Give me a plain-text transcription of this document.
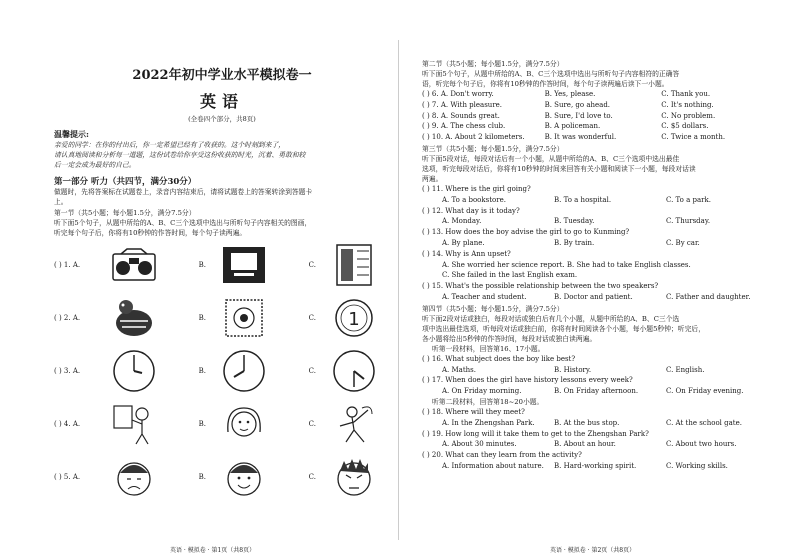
2022年初中学业水平模拟卷一
英语
(全卷四个部分，共8页)
温馨提示:
亲爱的同学：在你的付出后，你一定希望已经有了收获的。这个时刻到来了，
请认真地阅读和分析每一道题，这份试卷给你享受这份收获的时光，沉着、勇敢和较
后一定会成为最好的自己。
第一部分 听力（共四节，满分30分）
做题时，先将答案标在试题卷上，录音内容结束后，请将试题卷上的答案转涂到答题卡
上。
第一节（共5小题；每小题1.5分，满分7.5分）
听下面5个句子，从题中所给的A、B、C三个选项中选出与所听句子内容相关的图画，
听完每个句子后，你将有10秒钟的作答时间，每个句子读两遍。
( ) 1. A.	B.	C.
( ) 2. A.	B.	C. 1
( ) 3. A.	B.	C.
( ) 4. A.	B.	C.
( ) 5. A.	B.	C.
英语 · 模拟卷 · 第1页（共8页）
第二节（共5小题；每小题1.5分，满分7.5分）
听下面5个句子，从题中所给的A、B、C三个选项中选出与所听句子内容相符的正确答
语，听完每个句子后，你将有10秒钟的作答时间，每个句子读两遍后读下一小题。
( ) 6. A. Don't worry.	B. Yes, please.	C. Thank you.
( ) 7. A. With pleasure.	B. Sure, go ahead.	C. It's nothing.
( ) 8. A. Sounds great.	B. Sure, I'd love to.	C. No problem.
( ) 9. A. The chess club.	B. A policeman.	C. $5 dollars.
( ) 10. A. About 2 kilometers.	B. It was wonderful.	C. Twice a month.
第三节（共5小题；每小题1.5分，满分7.5分）
听下面5段对话，每段对话后有一个小题，从题中所给的A、B、C三个选项中选出最佳
选项，听完每段对话后，你将有10秒钟的时间来回答有关小题和阅读下一小题，每段对话读
两遍。
( ) 11. Where is the girl going?
A. To a bookstore.	B. To a hospital.	C. To a park.
( ) 12. What day is it today?
A. Monday.	B. Tuesday.	C. Thursday.
( ) 13. How does the boy advise the girl to go to Kunming?
A. By plane.	B. By train.	C. By car.
( ) 14. Why is Ann upset?
A. She worried her science report. B. She had to take English classes.
C. She failed in the last English exam.
( ) 15. What's the possible relationship between the two speakers?
A. Teacher and student.	B. Doctor and patient.	C. Father and daughter.
第四节（共5小题；每小题1.5分，满分7.5分）
听下面2段对话或独白，每段对话或独白后有几个小题，从题中所给的A、B、C三个选
项中选出最佳选项，听每段对话或独白前，你将有时间阅读各个小题，每小题5秒钟；听完后，
各小题将给出5秒钟的作答时间，每段对话或独白读两遍。
听第一段材料，回答第16、17小题。
( ) 16. What subject does the boy like best?
A. Maths.	B. History.	C. English.
( ) 17. When does the girl have history lessons every week?
A. On Friday morning.	B. On Friday afternoon.	C. On Friday evening.
听第二段材料，回答第18~20小题。
( ) 18. Where will they meet?
A. In the Zhengshan Park.	B. At the bus stop.	C. At the school gate.
( ) 19. How long will it take them to get to the Zhengshan Park?
A. About 30 minutes.	B. About an hour.	C. About two hours.
( ) 20. What can they learn from the activity?
A. Information about nature.	B. Hard-working spirit.	C. Working skills.
英语 · 模拟卷 · 第2页（共8页）
